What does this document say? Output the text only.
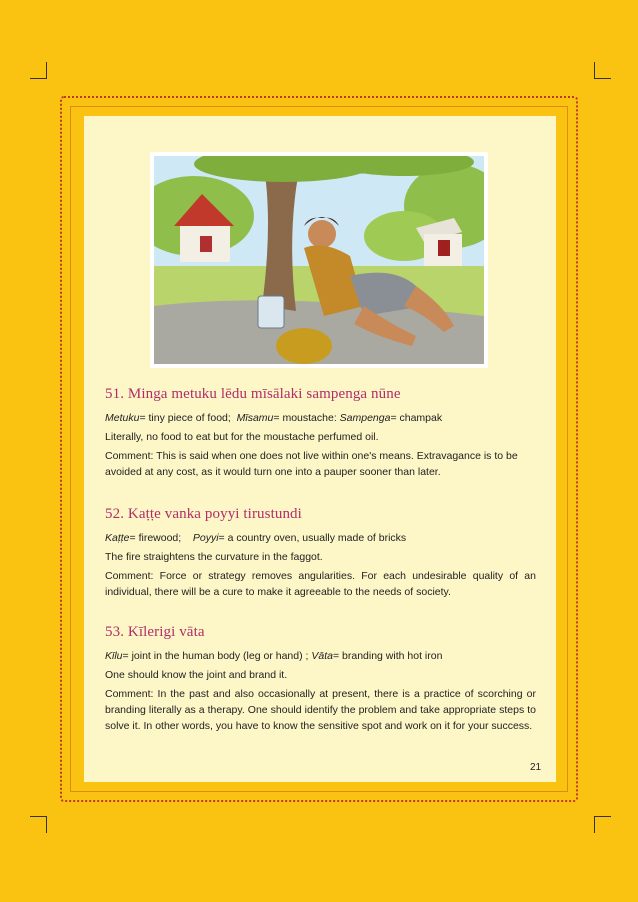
51. Minga metuku lēdu mīsālaki sampenga nūne

Metuku= tiny piece of food; Mīsamu= moustache: Sampenga= champak

Literally, no food to eat but for the moustache perfumed oil.

Comment: This is said when one does not live within one's means. Extravagance is to be avoided at any cost, as it would turn one into a pauper sooner than later.

52. Kaṭṭe vanka poyyi tirustundi

Kaṭṭe= firewood; Poyyi= a country oven, usually made of bricks

The fire straightens the curvature in the faggot.

Comment: Force or strategy removes angularities. For each undesirable quality of an individual, there will be a cure to make it agreeable to the needs of society.

53. Kīlerigi vāta

Kīlu= joint in the human body (leg or hand) ; Vāta= branding with hot iron

One should know the joint and brand it.

Comment: In the past and also occasionally at present, there is a practice of scorching or branding literally as a therapy. One should identify the problem and take appropriate steps to solve it. In other words, you have to know the sensitive spot and work on it for your success.

21
